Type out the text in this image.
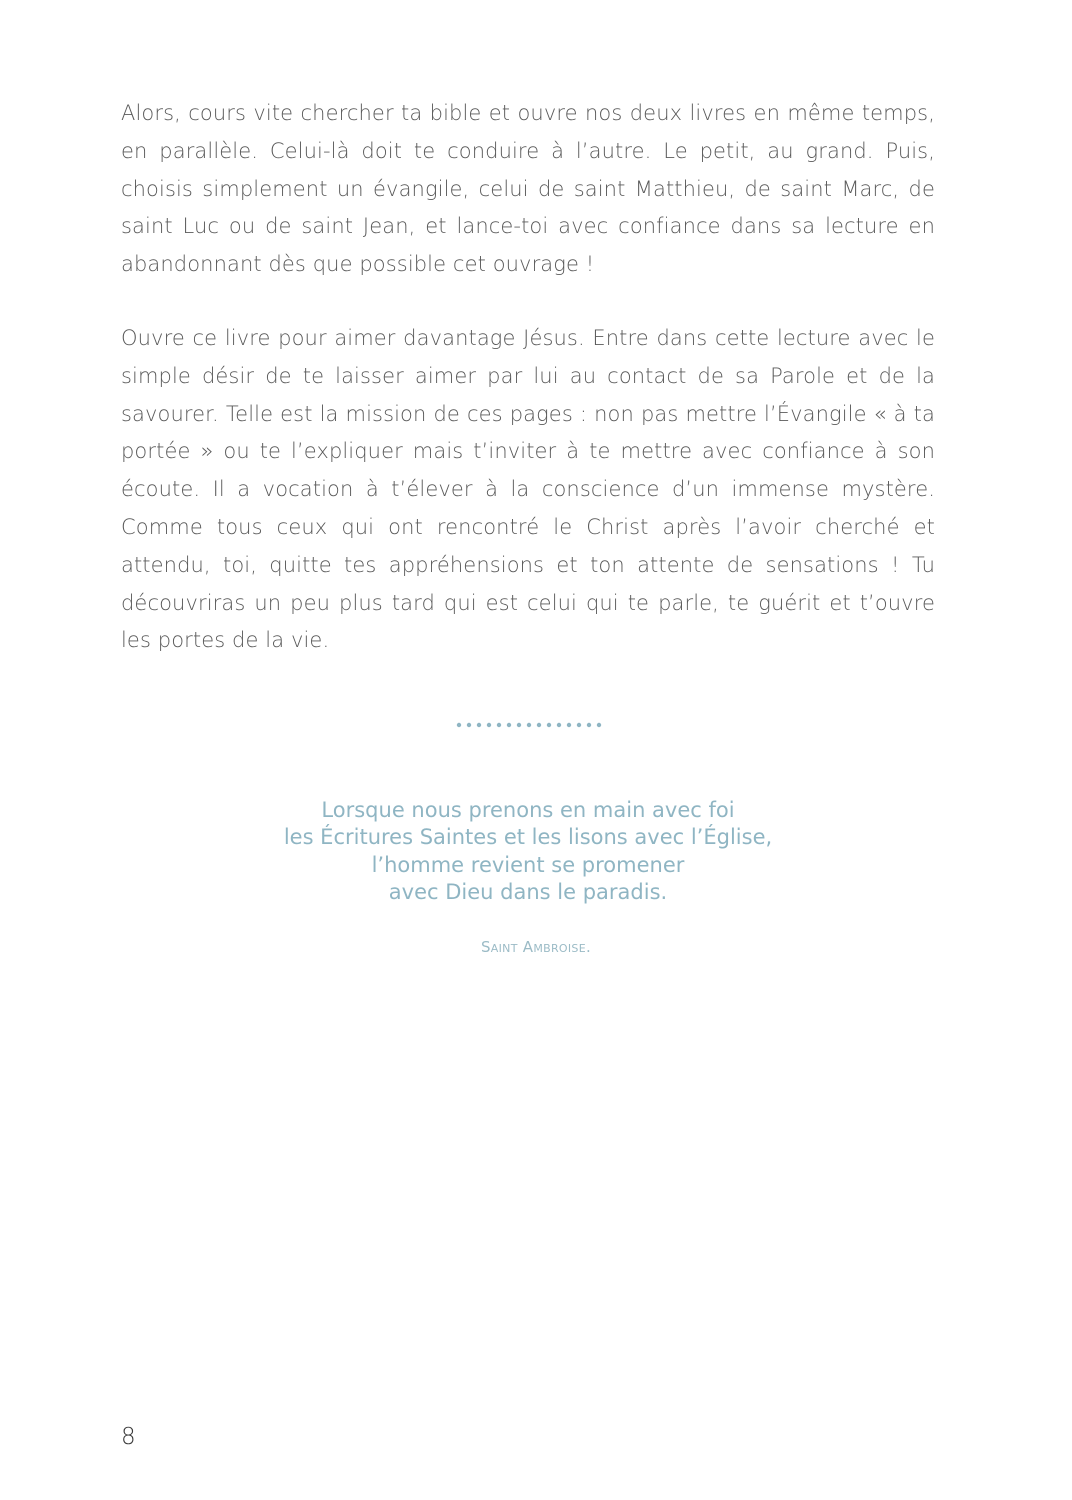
Alors, cours vite chercher ta bible et ouvre nos deux livres en même temps, en parallèle. Celui-là doit te conduire à l’autre. Le petit, au grand. Puis, choisis simplement un évangile, celui de saint Matthieu, de saint Marc, de saint Luc ou de saint Jean, et lance-toi avec confiance dans sa lecture en abandonnant dès que possible cet ouvrage !

Ouvre ce livre pour aimer davantage Jésus. Entre dans cette lecture avec le simple désir de te laisser aimer par lui au contact de sa Parole et de la savourer. Telle est la mission de ces pages : non pas mettre l’Évangile « à ta portée » ou te l’expliquer mais t’inviter à te mettre avec confiance à son écoute. Il a vocation à t’élever à la conscience d’un immense mystère. Comme tous ceux qui ont rencontré le Christ après l’avoir cherché et attendu, toi, quitte tes appréhensions et ton attente de sensations ! Tu découvriras un peu plus tard qui est celui qui te parle, te guérit et t’ouvre les portes de la vie.

Lorsque nous prenons en main avec foi
les Écritures Saintes et les lisons avec l’Église,
l’homme revient se promener
avec Dieu dans le paradis.
Saint Ambroise.
8
